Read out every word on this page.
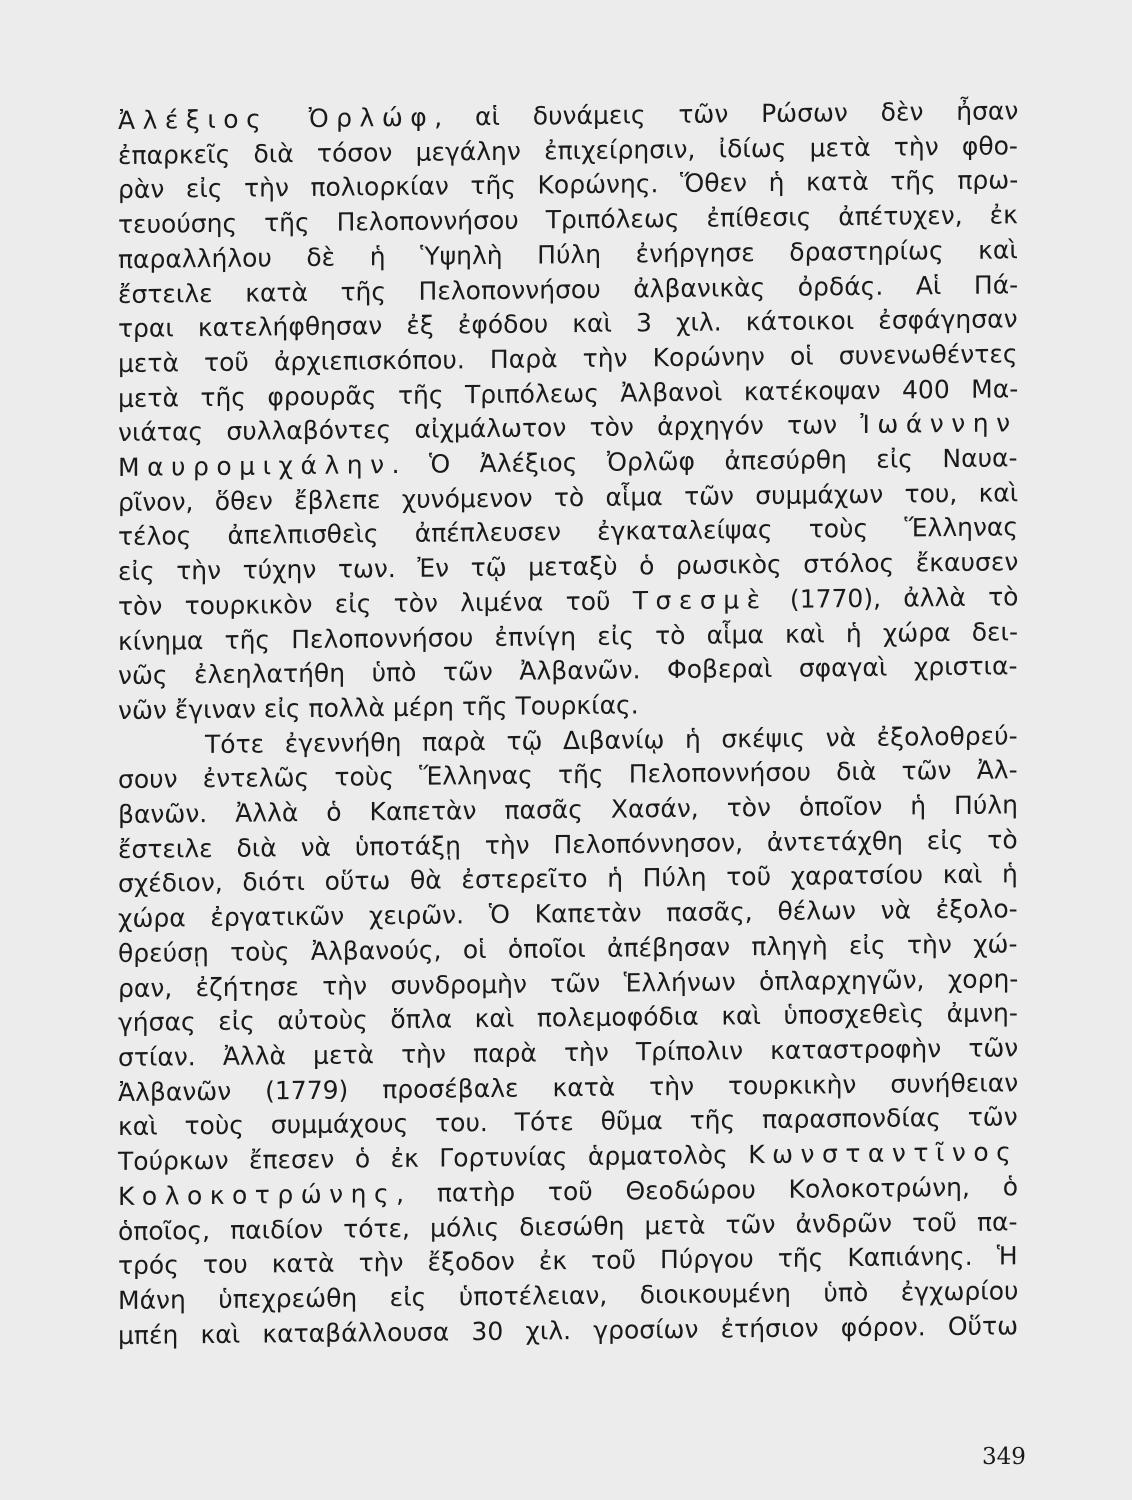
Ἀλέξιος Ὀρλώφ, αἱ δυνάμεις τῶν Ρώσων δὲν ἦσαν
ἐπαρκεῖς διὰ τόσον μεγάλην ἐπιχείρησιν, ἰδίως μετὰ τὴν φθο-
ρὰν εἰς τὴν πολιορκίαν τῆς Κορώνης. Ὅθεν ἡ κατὰ τῆς πρω-
τευούσης τῆς Πελοποννήσου Τριπόλεως ἐπίθεσις ἀπέτυχεν, ἐκ
παραλλήλου δὲ ἡ Ὑψηλὴ Πύλη ἐνήργησε δραστηρίως καὶ
ἔστειλε κατὰ τῆς Πελοποννήσου ἀλβανικὰς ὀρδάς. Αἱ Πά-
τραι κατελήφθησαν ἐξ ἐφόδου καὶ 3 χιλ. κάτοικοι ἐσφάγησαν
μετὰ τοῦ ἀρχιεπισκόπου. Παρὰ τὴν Κορώνην οἱ συνενωθέντες
μετὰ τῆς φρουρᾶς τῆς Τριπόλεως Ἀλβανοὶ κατέκοψαν 400 Μα-
νιάτας συλλαβόντες αἰχμάλωτον τὸν ἀρχηγόν των Ἰωάννην
Μαυρομιχάλην. Ὁ Ἀλέξιος Ὀρλῶφ ἀπεσύρθη εἰς Ναυα-
ρῖνον, ὅθεν ἔβλεπε χυνόμενον τὸ αἷμα τῶν συμμάχων του, καὶ
τέλος ἀπελπισθεὶς ἀπέπλευσεν ἐγκαταλείψας τοὺς Ἕλληνας
εἰς τὴν τύχην των. Ἐν τῷ μεταξὺ ὁ ρωσικὸς στόλος ἔκαυσεν
τὸν τουρκικὸν εἰς τὸν λιμένα τοῦ Τσεσμὲ (1770), ἀλλὰ τὸ
κίνημα τῆς Πελοποννήσου ἐπνίγη εἰς τὸ αἷμα καὶ ἡ χώρα δει-
νῶς ἐλεηλατήθη ὑπὸ τῶν Ἀλβανῶν. Φοβεραὶ σφαγαὶ χριστια-
νῶν ἔγιναν εἰς πολλὰ μέρη τῆς Τουρκίας.
Τότε ἐγεννήθη παρὰ τῷ Διβανίῳ ἡ σκέψις νὰ ἐξολοθρεύ-
σουν ἐντελῶς τοὺς Ἕλληνας τῆς Πελοποννήσου διὰ τῶν Ἀλ-
βανῶν. Ἀλλὰ ὁ Καπετὰν πασᾶς Χασάν, τὸν ὁποῖον ἡ Πύλη
ἔστειλε διὰ νὰ ὑποτάξῃ τὴν Πελοπόννησον, ἀντετάχθη εἰς τὸ
σχέδιον, διότι οὕτω θὰ ἐστερεῖτο ἡ Πύλη τοῦ χαρατσίου καὶ ἡ
χώρα ἐργατικῶν χειρῶν. Ὁ Καπετὰν πασᾶς, θέλων νὰ ἐξολο-
θρεύσῃ τοὺς Ἀλβανούς, οἱ ὁποῖοι ἀπέβησαν πληγὴ εἰς τὴν χώ-
ραν, ἐζήτησε τὴν συνδρομὴν τῶν Ἑλλήνων ὁπλαρχηγῶν, χορη-
γήσας εἰς αὐτοὺς ὅπλα καὶ πολεμοφόδια καὶ ὑποσχεθεὶς ἀμνη-
στίαν. Ἀλλὰ μετὰ τὴν παρὰ τὴν Τρίπολιν καταστροφὴν τῶν
Ἀλβανῶν (1779) προσέβαλε κατὰ τὴν τουρκικὴν συνήθειαν
καὶ τοὺς συμμάχους του. Τότε θῦμα τῆς παρασπονδίας τῶν
Τούρκων ἔπεσεν ὁ ἐκ Γορτυνίας ἁρματολὸς Κωνσταντῖνος
Κολοκοτρώνης, πατὴρ τοῦ Θεοδώρου Κολοκοτρώνη, ὁ
ὁποῖος, παιδίον τότε, μόλις διεσώθη μετὰ τῶν ἀνδρῶν τοῦ πα-
τρός του κατὰ τὴν ἔξοδον ἐκ τοῦ Πύργου τῆς Καπιάνης. Ἡ
Μάνη ὑπεχρεώθη εἰς ὑποτέλειαν, διοικουμένη ὑπὸ ἐγχωρίου
μπέη καὶ καταβάλλουσα 30 χιλ. γροσίων ἐτήσιον φόρον. Οὕτω
349
